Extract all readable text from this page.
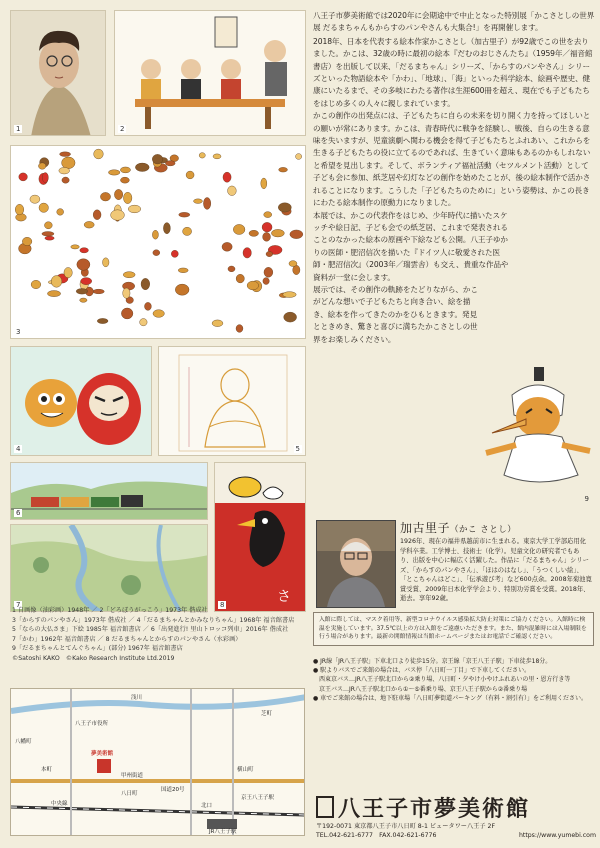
1	2
3
4	5
6
7	さ
8
9

八王子市夢美術館では2020年に会期途中で中止となった特別展「かこさとしの世界展 だるまちゃんもからすのパンやさんも大集合!」を再開催します。

2018年、日本を代表する絵本作家かこさとし（加古里子）が92歳でこの世を去りました。かこは、32歳の時に最初の絵本『だむのおじさんたち』（1959年／福音館書店）を出版して以来、「だるまちゃん」シリーズ、「からすのパンやさん」シリーズといった物語絵本や「かわ」、「地球」、「海」といった科学絵本、絵画や歴史、健康にいたるまで、その多岐にわたる著作は生涯600冊を超え、現在でも子どもたちをはじめ多くの人々に親しまれています。

かこの創作の出発点には、子どもたちに自らの未来を切り開く力を持ってほしいとの願いが常にあります。かこは、青春時代に戦争を経験し、戦後、自らの生きる意味を失いますが、児童演劇へ関わる機会を得て子どもたちとふれあい、これからを生きる子どもたちの役に立てるのであれば、生きていく意味もあるのかもしれないと希望を見出します。そして、ボランティア福祉活動（セツルメント活動）として子ども会に参加、紙芝居や幻灯などの創作を始めたことが、後の絵本制作で活かされることになります。こうした「子どもたちのために」という姿勢は、かこの長きにわたる絵本制作の原動力になりました。

本展では、かこの代表作をはじめ、少年時代に描いたスケッチや絵日記、子ども会での紙芝居、これまで発表されることのなかった絵本の原画や下絵なども公開。八王子ゆかりの医師・肥沼信次を描いた『ドイツ人に敬愛された医師・肥沼信次』（2003年／瑞雲舎）も交え、貴重な作品や資料が一堂に会します。

展示では、その創作の軌跡をたどりながら、かこがどんな想いで子どもたちと向き合い、絵を描き、絵本を作ってきたのかをひもときます。発見とときめき、驚きと喜びに満ちたかこさとしの世界をお楽しみください。

加古里子（かこ さとし）
1926年、現在の福井県越前市に生まれる。東京大学工学部応用化学科卒業。工学博士、技術士（化学）。児童文化の研究者でもあり、出版を中心に幅広く活躍した。作品に「だるまちゃん」シリーズ、「からすのパンやさん」、「ほはのはなし」、「うつくしい絵」、「とこちゃんはどこ」、「伝承遊び考」など600点余。2008年菊池寛賞受賞、2009年日本化学学会より、特別功労賞を受賞。2018年、逝去。享年92歳。
1 自画像（油彩画）1948年 ／ 2「どろぼうがっこう」1973年 偕成社
3「からすのパンやさん」1973年 偕成社 ／ 4「だるまちゃんとかみなりちゃん」1968年 福音館書店
5「ならの大仏さま」下絵 1985年 福音館書店 ／ 6「出発進行! 里山トロッコ列車」2016年 偕成社
7「かわ」1962年 福音館書店 ／ 8 だるまちゃんとからすのパンやさん（水彩画）
9「だるまちゃんとてんぐちゃん」(部分) 1967年 福音館書店
©Satoshi KAKO　©Kako Research Institute Ltd.2019
入館に際しては、マスク着用等、新型コロナウイルス感染拡大防止対策にご協力ください。入館時に検温を実施しています。37.5℃以上の方は入館をご遠慮いただきます。また、館内混雑時には入場制限を行う場合があります。最新の開館情報は当館ホームページまたはお電話でご確認ください。
● JR線「JR八王子駅」下車北口より徒歩15分。京王線「京王八王子駅」下車徒歩18分。
● 駅よりバスでご来館の場合は、バス停「八日町一丁目」で下車してください。
　西東京バス…JR八王子駅北口から②乗り場、八日町・夕やけ小やけふれあいの里・恩方行き等
　京王バス…JR八王子駅北口から①〜⑤番乗り場、京王八王子駅から②番乗り場
● 車でご来館の場合は、地下駐車場「八日町夢街道パーキング（有料・割引有）」をご利用ください。
八王子市夢美術館
〒192-0071 東京都八王子市八日町 8-1 ビュータワー八王子 2F
TEL.042-621-6777　FAX.042-621-6776	https://www.yumebi.com
浅川
八幡町
夢美術館
八王子市役所
甲州街道
国道20号
JR八王子駅
京王八王子駅
中央線	北口
八日町
横山町
本町
芝町
